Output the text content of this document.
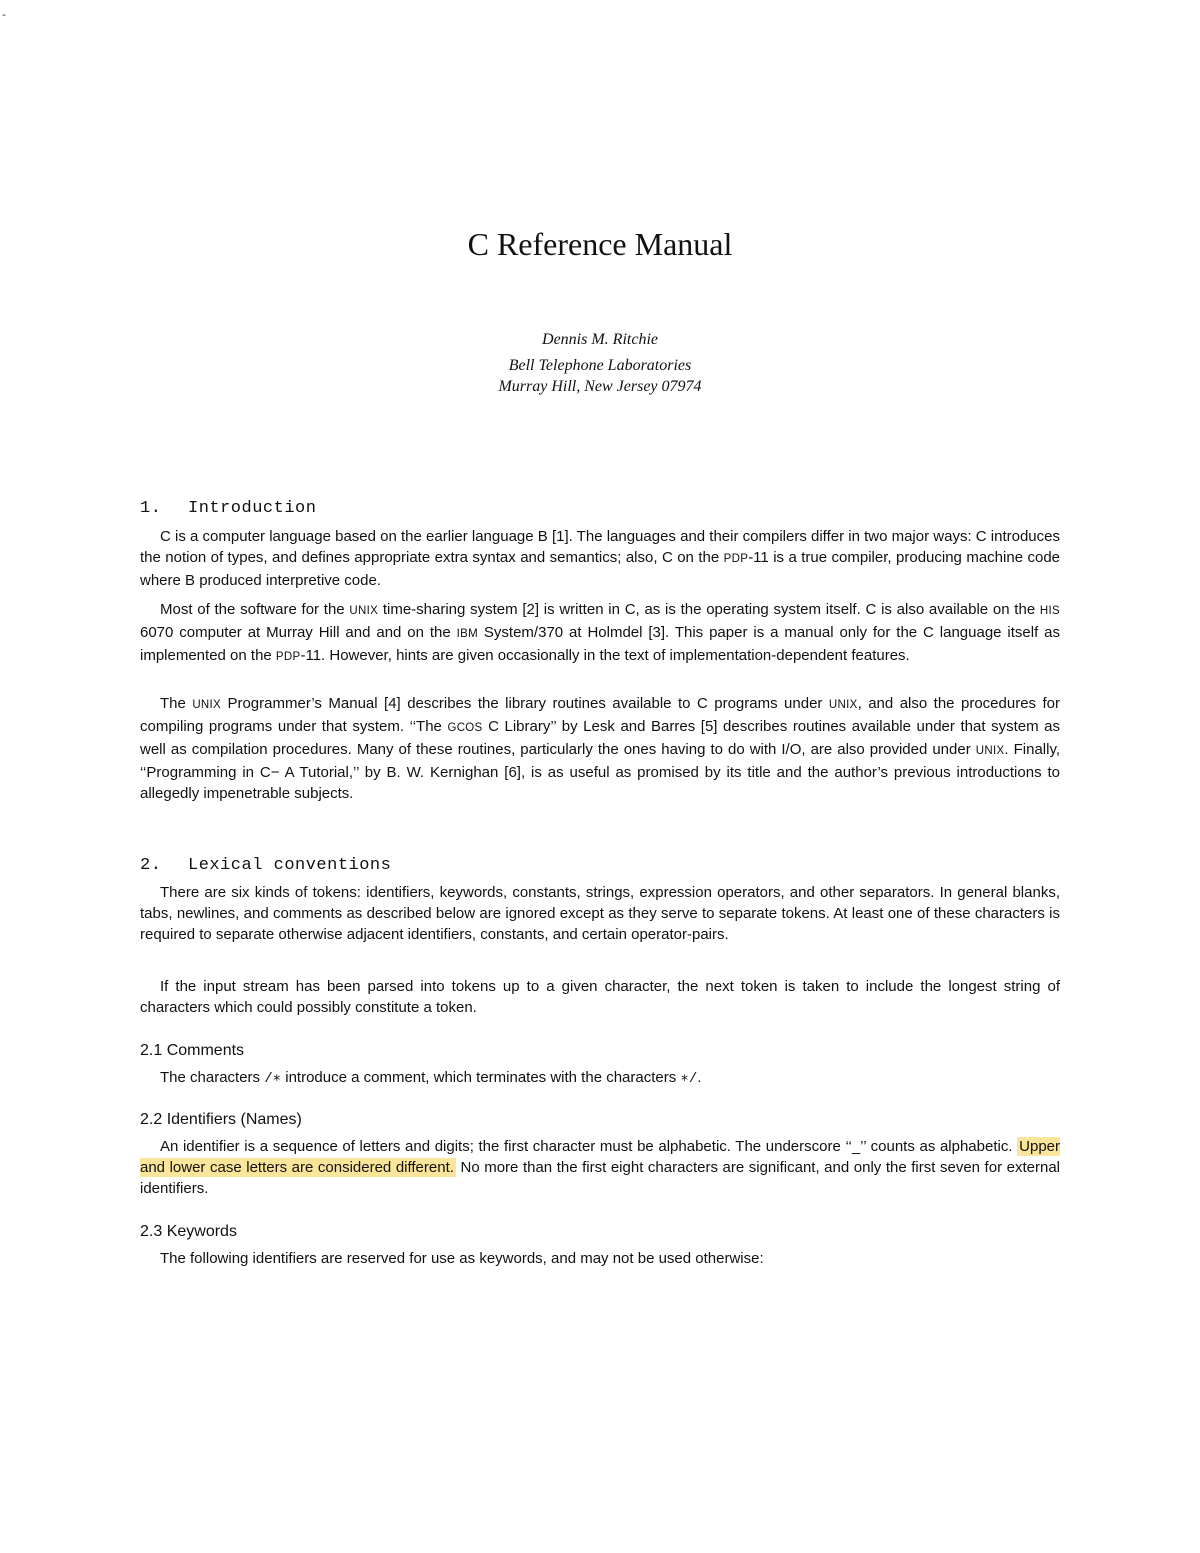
-
C Reference Manual
Dennis M. Ritchie
Bell Telephone Laboratories
Murray Hill, New Jersey 07974
1. Introduction
C is a computer language based on the earlier language B [1]. The languages and their compilers differ in two major ways: C introduces the notion of types, and defines appropriate extra syntax and semantics; also, C on the PDP-11 is a true compiler, producing machine code where B produced interpretive code.
Most of the software for the UNIX time-sharing system [2] is written in C, as is the operating system itself. C is also available on the HIS 6070 computer at Murray Hill and and on the IBM System/370 at Holmdel [3]. This paper is a manual only for the C language itself as implemented on the PDP-11. However, hints are given occasionally in the text of implementation-dependent features.
The UNIX Programmer’s Manual [4] describes the library routines available to C programs under UNIX, and also the procedures for compiling programs under that system. ‘‘The GCOS C Library’’ by Lesk and Barres [5] describes routines available under that system as well as compilation procedures. Many of these routines, particularly the ones having to do with I/O, are also provided under UNIX. Finally, ‘‘Programming in C− A Tutorial,’’ by B. W. Kernighan [6], is as useful as promised by its title and the author’s previous introductions to allegedly impenetrable subjects.
2. Lexical conventions
There are six kinds of tokens: identifiers, keywords, constants, strings, expression operators, and other separators. In general blanks, tabs, newlines, and comments as described below are ignored except as they serve to separate tokens. At least one of these characters is required to separate otherwise adjacent identifiers, constants, and certain operator-pairs.
If the input stream has been parsed into tokens up to a given character, the next token is taken to include the longest string of characters which could possibly constitute a token.
2.1 Comments
The characters /∗ introduce a comment, which terminates with the characters ∗/.
2.2 Identifiers (Names)
An identifier is a sequence of letters and digits; the first character must be alphabetic. The underscore ‘‘_’’ counts as alphabetic. Upper and lower case letters are considered different. No more than the first eight characters are significant, and only the first seven for external identifiers.
2.3 Keywords
The following identifiers are reserved for use as keywords, and may not be used otherwise:
